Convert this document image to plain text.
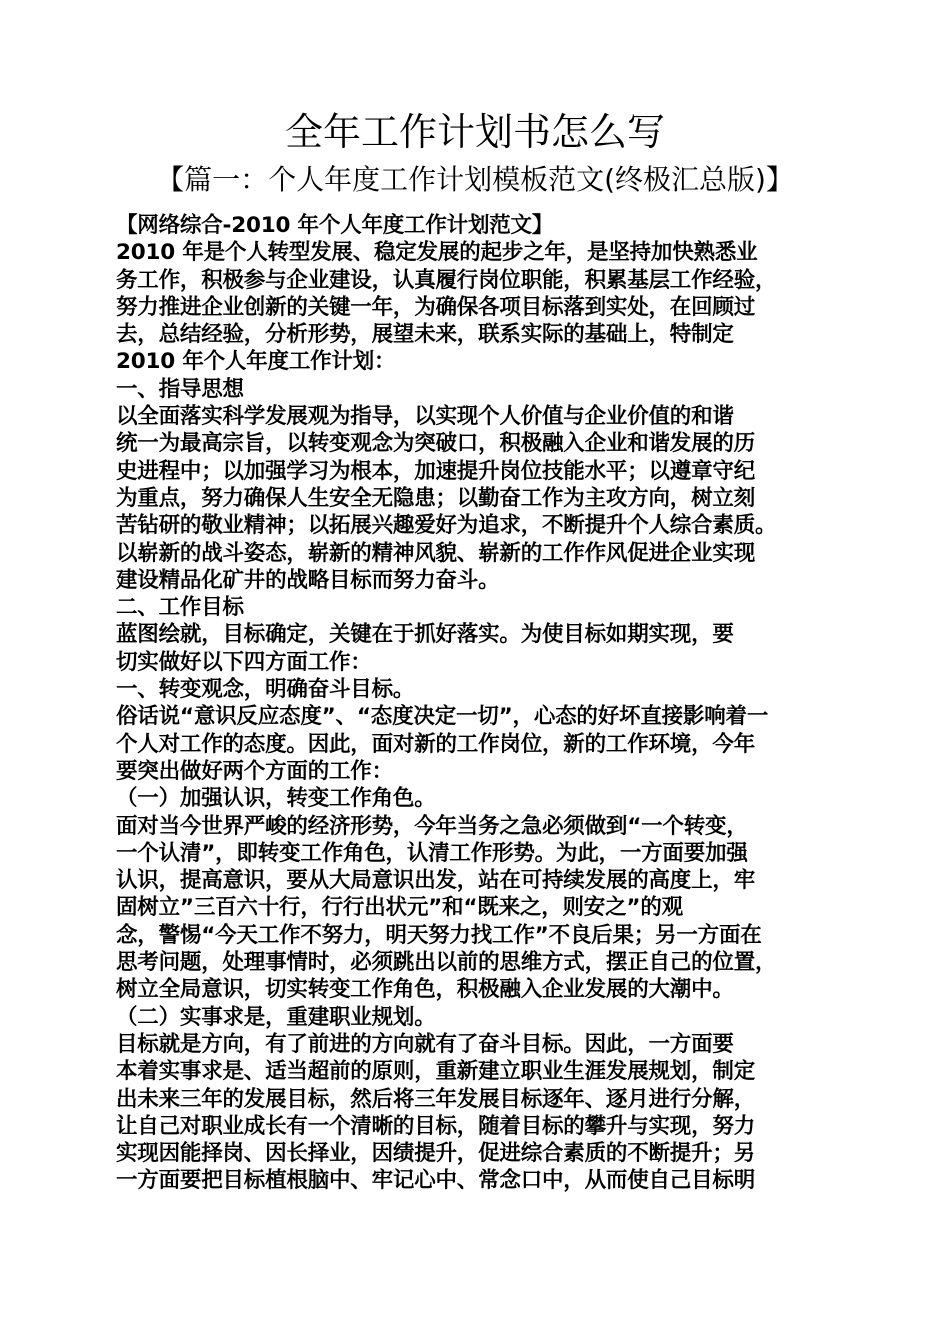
全年工作计划书怎么写
【篇一：个人年度工作计划模板范文(终极汇总版)】
【网络综合-2010 年个人年度工作计划范文】
2010 年是个人转型发展、稳定发展的起步之年，是坚持加快熟悉业
务工作，积极参与企业建设，认真履行岗位职能，积累基层工作经验，
努力推进企业创新的关键一年，为确保各项目标落到实处，在回顾过
去，总结经验，分析形势，展望未来，联系实际的基础上，特制定
2010 年个人年度工作计划：
一、指导思想
以全面落实科学发展观为指导，以实现个人价值与企业价值的和谐
统一为最高宗旨，以转变观念为突破口，积极融入企业和谐发展的历
史进程中；以加强学习为根本，加速提升岗位技能水平；以遵章守纪
为重点，努力确保人生安全无隐患；以勤奋工作为主攻方向，树立刻
苦钻研的敬业精神；以拓展兴趣爱好为追求，不断提升个人综合素质。
以崭新的战斗姿态，崭新的精神风貌、崭新的工作作风促进企业实现
建设精品化矿井的战略目标而努力奋斗。
二、工作目标
蓝图绘就，目标确定，关键在于抓好落实。为使目标如期实现，要
切实做好以下四方面工作：
一、转变观念，明确奋斗目标。
俗话说“意识反应态度”、“态度决定一切”，心态的好坏直接影响着一
个人对工作的态度。因此，面对新的工作岗位，新的工作环境，今年
要突出做好两个方面的工作：
（一）加强认识，转变工作角色。
面对当今世界严峻的经济形势，今年当务之急必须做到“一个转变，
一个认清”，即转变工作角色，认清工作形势。为此，一方面要加强
认识，提高意识，要从大局意识出发，站在可持续发展的高度上，牢
固树立”三百六十行，行行出状元”和“既来之，则安之”的观
念，警惕“今天工作不努力，明天努力找工作”不良后果；另一方面在
思考问题，处理事情时，必须跳出以前的思维方式，摆正自己的位置，
树立全局意识，切实转变工作角色，积极融入企业发展的大潮中。
（二）实事求是，重建职业规划。
目标就是方向，有了前进的方向就有了奋斗目标。因此，一方面要
本着实事求是、适当超前的原则，重新建立职业生涯发展规划，制定
出未来三年的发展目标，然后将三年发展目标逐年、逐月进行分解，
让自己对职业成长有一个清晰的目标，随着目标的攀升与实现，努力
实现因能择岗、因长择业，因绩提升，促进综合素质的不断提升；另
一方面要把目标植根脑中、牢记心中、常念口中，从而使自己目标明
